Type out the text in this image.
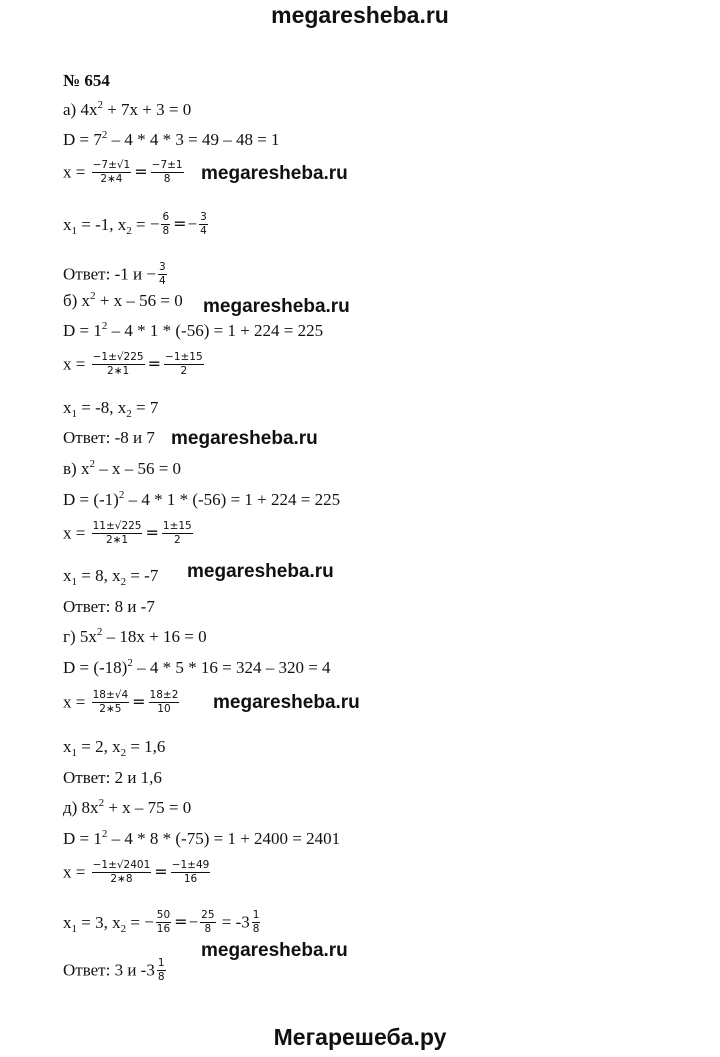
megaresheba.ru
№ 654
а) $4x^2 + 7x + 3 = 0$
$D = 7^2 - 4 * 4 * 3 = 49 - 48 = 1$
$x = \frac{-7\pm√1}{2∗4} = \frac{-7\pm 1}{8}$
$x_1 = -1$, $x_2$ = − $\frac{6}{8} =- \frac{3}{4}$
Ответ: -1 $и - \frac{3}{4}$
б) $x^2 + x - 56 = 0$
$D = 1^2 - 4 * 1 * (-56) = 1 + 224 = 225$
$x = \frac{-1\pm√225}{2∗1} = \frac{-1\pm 15}{2}$
$x_1 = -8$, $x_2 = 7$
Ответ: -8 и 7
в) $x^2 - x - 56 = 0$
$D = (-1)^2 - 4 * 1 * (-56) = 1 + 224 = 225$
$x = \frac{11\pm√225}{2∗1} = \frac{1\pm 15}{2}$
$x_1 = 8$, $x_2 = -7$
Ответ: 8 и -7
г) $5x^2 - 18x + 16 = 0$
$D = (-18)^2 - 4 * 5 * 16 = 324 - 320 = 4$
$x = \frac{18\pm√4}{2∗5} = \frac{18\pm 2}{10}$
$x_1 = 2$, $x_2 = 1,6$
Ответ: 2 и 1,6
д) $8x^2 + x - 75 = 0$
$D = 1^2 - 4 * 8 * (-75) = 1 + 2400 = 2401$
$x = \frac{-1\pm√2401}{2∗8} = \frac{-1\pm 49}{16}$
$x_1 = 3$, $x_2$ = − $\frac{50}{16} =- \frac{25}{8} = -3 \frac{1}{8}$
Ответ: 3 и $-3 \frac{1}{8}$
megaresheba.ru
megaresheba.ru
megaresheba.ru
megaresheba.ru
megaresheba.ru
megaresheba.ru
Мегарешеба.ру
